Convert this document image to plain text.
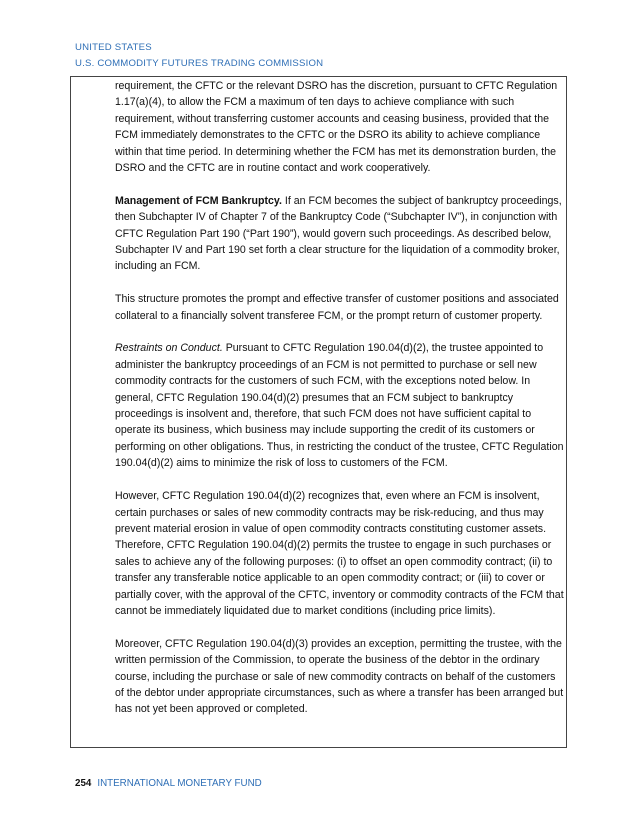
UNITED STATES
U.S. COMMODITY FUTURES TRADING COMMISSION

requirement, the CFTC or the relevant DSRO has the discretion, pursuant to CFTC Regulation 1.17(a)(4), to allow the FCM a maximum of ten days to achieve compliance with such requirement, without transferring customer accounts and ceasing business, provided that the FCM immediately demonstrates to the CFTC or the DSRO its ability to achieve compliance within that time period. In determining whether the FCM has met its demonstration burden, the DSRO and the CFTC are in routine contact and work cooperatively.

Management of FCM Bankruptcy. If an FCM becomes the subject of bankruptcy proceedings, then Subchapter IV of Chapter 7 of the Bankruptcy Code (“Subchapter IV”), in conjunction with CFTC Regulation Part 190 (“Part 190”), would govern such proceedings. As described below, Subchapter IV and Part 190 set forth a clear structure for the liquidation of a commodity broker, including an FCM.

This structure promotes the prompt and effective transfer of customer positions and associated collateral to a financially solvent transferee FCM, or the prompt return of customer property.

Restraints on Conduct. Pursuant to CFTC Regulation 190.04(d)(2), the trustee appointed to administer the bankruptcy proceedings of an FCM is not permitted to purchase or sell new commodity contracts for the customers of such FCM, with the exceptions noted below. In general, CFTC Regulation 190.04(d)(2) presumes that an FCM subject to bankruptcy proceedings is insolvent and, therefore, that such FCM does not have sufficient capital to operate its business, which business may include supporting the credit of its customers or performing on other obligations. Thus, in restricting the conduct of the trustee, CFTC Regulation 190.04(d)(2) aims to minimize the risk of loss to customers of the FCM.

However, CFTC Regulation 190.04(d)(2) recognizes that, even where an FCM is insolvent, certain purchases or sales of new commodity contracts may be risk-reducing, and thus may prevent material erosion in value of open commodity contracts constituting customer assets. Therefore, CFTC Regulation 190.04(d)(2) permits the trustee to engage in such purchases or sales to achieve any of the following purposes: (i) to offset an open commodity contract; (ii) to transfer any transferable notice applicable to an open commodity contract; or (iii) to cover or partially cover, with the approval of the CFTC, inventory or commodity contracts of the FCM that cannot be immediately liquidated due to market conditions (including price limits).

Moreover, CFTC Regulation 190.04(d)(3) provides an exception, permitting the trustee, with the written permission of the Commission, to operate the business of the debtor in the ordinary course, including the purchase or sale of new commodity contracts on behalf of the customers of the debtor under appropriate circumstances, such as where a transfer has been arranged but has not yet been approved or completed.

254 INTERNATIONAL MONETARY FUND
